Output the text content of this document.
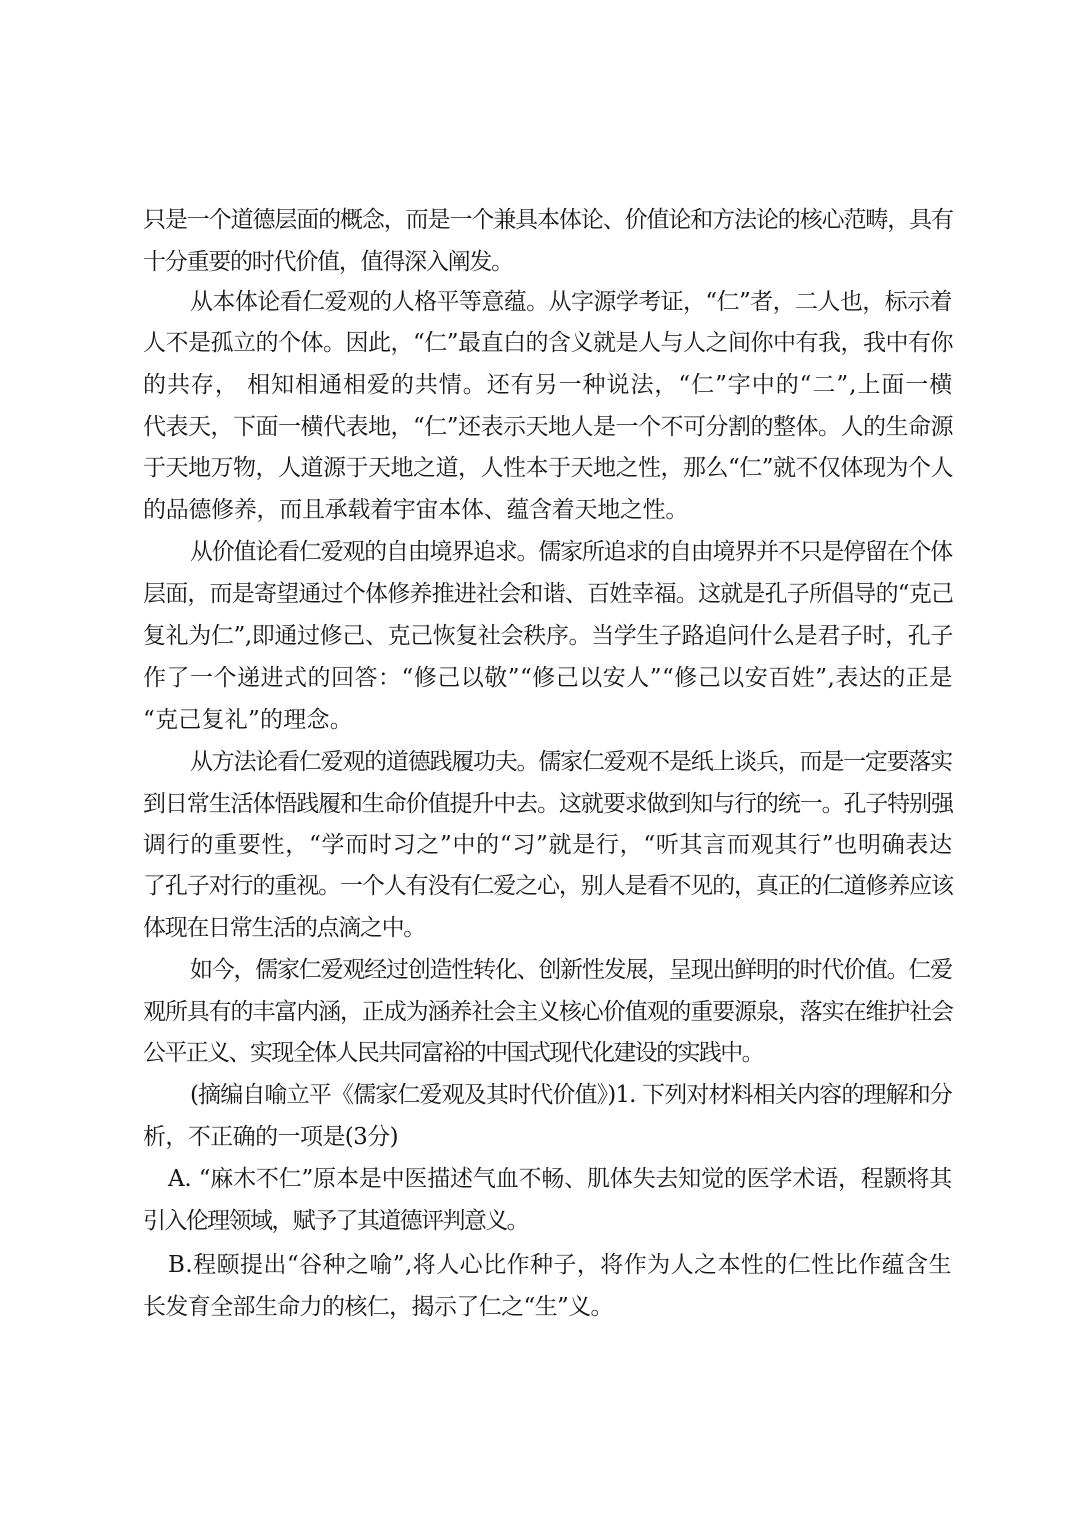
只是一个道德层面的概念，而是一个兼具本体论、价值论和方法论的核心范畴，具有
十分重要的时代价值，值得深入阐发。
从本体论看仁爱观的人格平等意蕴。从字源学考证，“仁”者，二人也，标示着
人不是孤立的个体。因此，“仁”最直白的含义就是人与人之间你中有我，我中有你
的共存， 相知相通相爱的共情。还有另一种说法，“仁”字中的“二”,上面一横
代表天，下面一横代表地，“仁”还表示天地人是一个不可分割的整体。人的生命源
于天地万物，人道源于天地之道，人性本于天地之性，那么“仁”就不仅体现为个人
的品德修养，而且承载着宇宙本体、蕴含着天地之性。
从价值论看仁爱观的自由境界追求。儒家所追求的自由境界并不只是停留在个体
层面，而是寄望通过个体修养推进社会和谐、百姓幸福。这就是孔子所倡导的“克己
复礼为仁”,即通过修己、克己恢复社会秩序。当学生子路追问什么是君子时，孔子
作了一个递进式的回答：“修己以敬”“修己以安人”“修己以安百姓”,表达的正是
“克己复礼”的理念。
从方法论看仁爱观的道德践履功夫。儒家仁爱观不是纸上谈兵，而是一定要落实
到日常生活体悟践履和生命价值提升中去。这就要求做到知与行的统一。孔子特别强
调行的重要性，“学而时习之”中的“习”就是行，“听其言而观其行”也明确表达
了孔子对行的重视。一个人有没有仁爱之心，别人是看不见的，真正的仁道修养应该
体现在日常生活的点滴之中。
如今，儒家仁爱观经过创造性转化、创新性发展，呈现出鲜明的时代价值。仁爱
观所具有的丰富内涵，正成为涵养社会主义核心价值观的重要源泉，落实在维护社会
公平正义、实现全体人民共同富裕的中国式现代化建设的实践中。
(摘编自喻立平《儒家仁爱观及其时代价值》)1. 下列对材料相关内容的理解和分
析，不正确的一项是(3分)
A. “麻木不仁”原本是中医描述气血不畅、肌体失去知觉的医学术语，程颢将其
引入伦理领域，赋予了其道德评判意义。
B.程颐提出“谷种之喻”,将人心比作种子，将作为人之本性的仁性比作蕴含生
长发育全部生命力的核仁，揭示了仁之“生”义。
